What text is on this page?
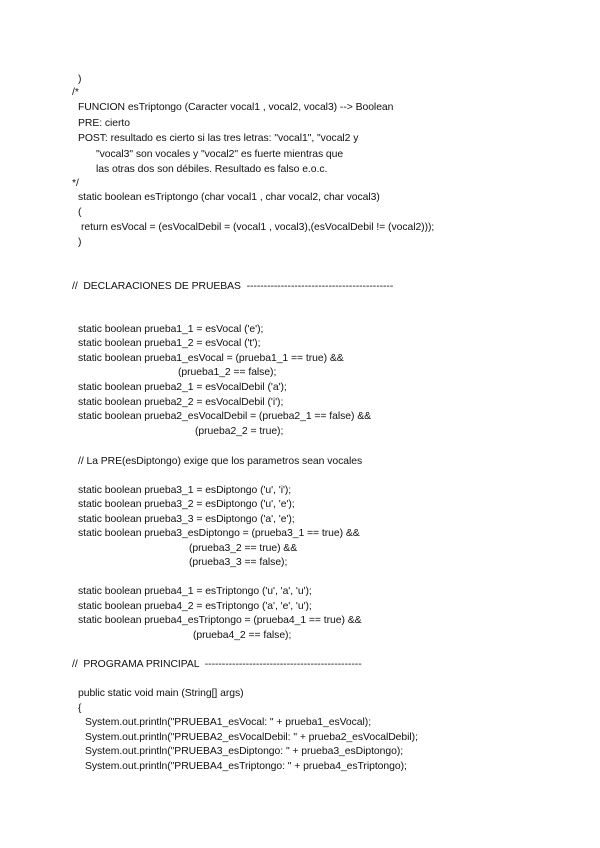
)
/*
FUNCION esTriptongo (Caracter vocal1 , vocal2, vocal3) --> Boolean
PRE: cierto
POST: resultado es cierto si las tres letras: "vocal1", "vocal2 y
"vocal3" son vocales y "vocal2" es fuerte mientras que
las otras dos son débiles. Resultado es falso e.o.c.
*/
static boolean esTriptongo (char vocal1 , char vocal2, char vocal3)
(
return esVocal = (esVocalDebil = (vocal1 , vocal3),(esVocalDebil != (vocal2)));
)
//  DECLARACIONES DE PRUEBAS  -------------------------------------------
static boolean prueba1_1 = esVocal ('e');
static boolean prueba1_2 = esVocal ('t');
static boolean prueba1_esVocal = (prueba1_1 == true) &&
(prueba1_2 == false);
static boolean prueba2_1 = esVocalDebil ('a');
static boolean prueba2_2 = esVocalDebil ('i');
static boolean prueba2_esVocalDebil = (prueba2_1 == false) &&
(prueba2_2 = true);
// La PRE(esDiptongo) exige que los parametros sean vocales
static boolean prueba3_1 = esDiptongo ('u', 'i');
static boolean prueba3_2 = esDiptongo ('u', 'e');
static boolean prueba3_3 = esDiptongo ('a', 'e');
static boolean prueba3_esDiptongo = (prueba3_1 == true) &&
(prueba3_2 == true) &&
(prueba3_3 == false);
static boolean prueba4_1 = esTriptongo ('u', 'a', 'u');
static boolean prueba4_2 = esTriptongo ('a', 'e', 'u');
static boolean prueba4_esTriptongo = (prueba4_1 == true) &&
(prueba4_2 == false);
//  PROGRAMA PRINCIPAL  ----------------------------------------------
public static void main (String[] args)
{
System.out.println("PRUEBA1_esVocal: " + prueba1_esVocal);
System.out.println("PRUEBA2_esVocalDebil: " + prueba2_esVocalDebil);
System.out.println("PRUEBA3_esDiptongo: " + prueba3_esDiptongo);
System.out.println("PRUEBA4_esTriptongo: " + prueba4_esTriptongo);
